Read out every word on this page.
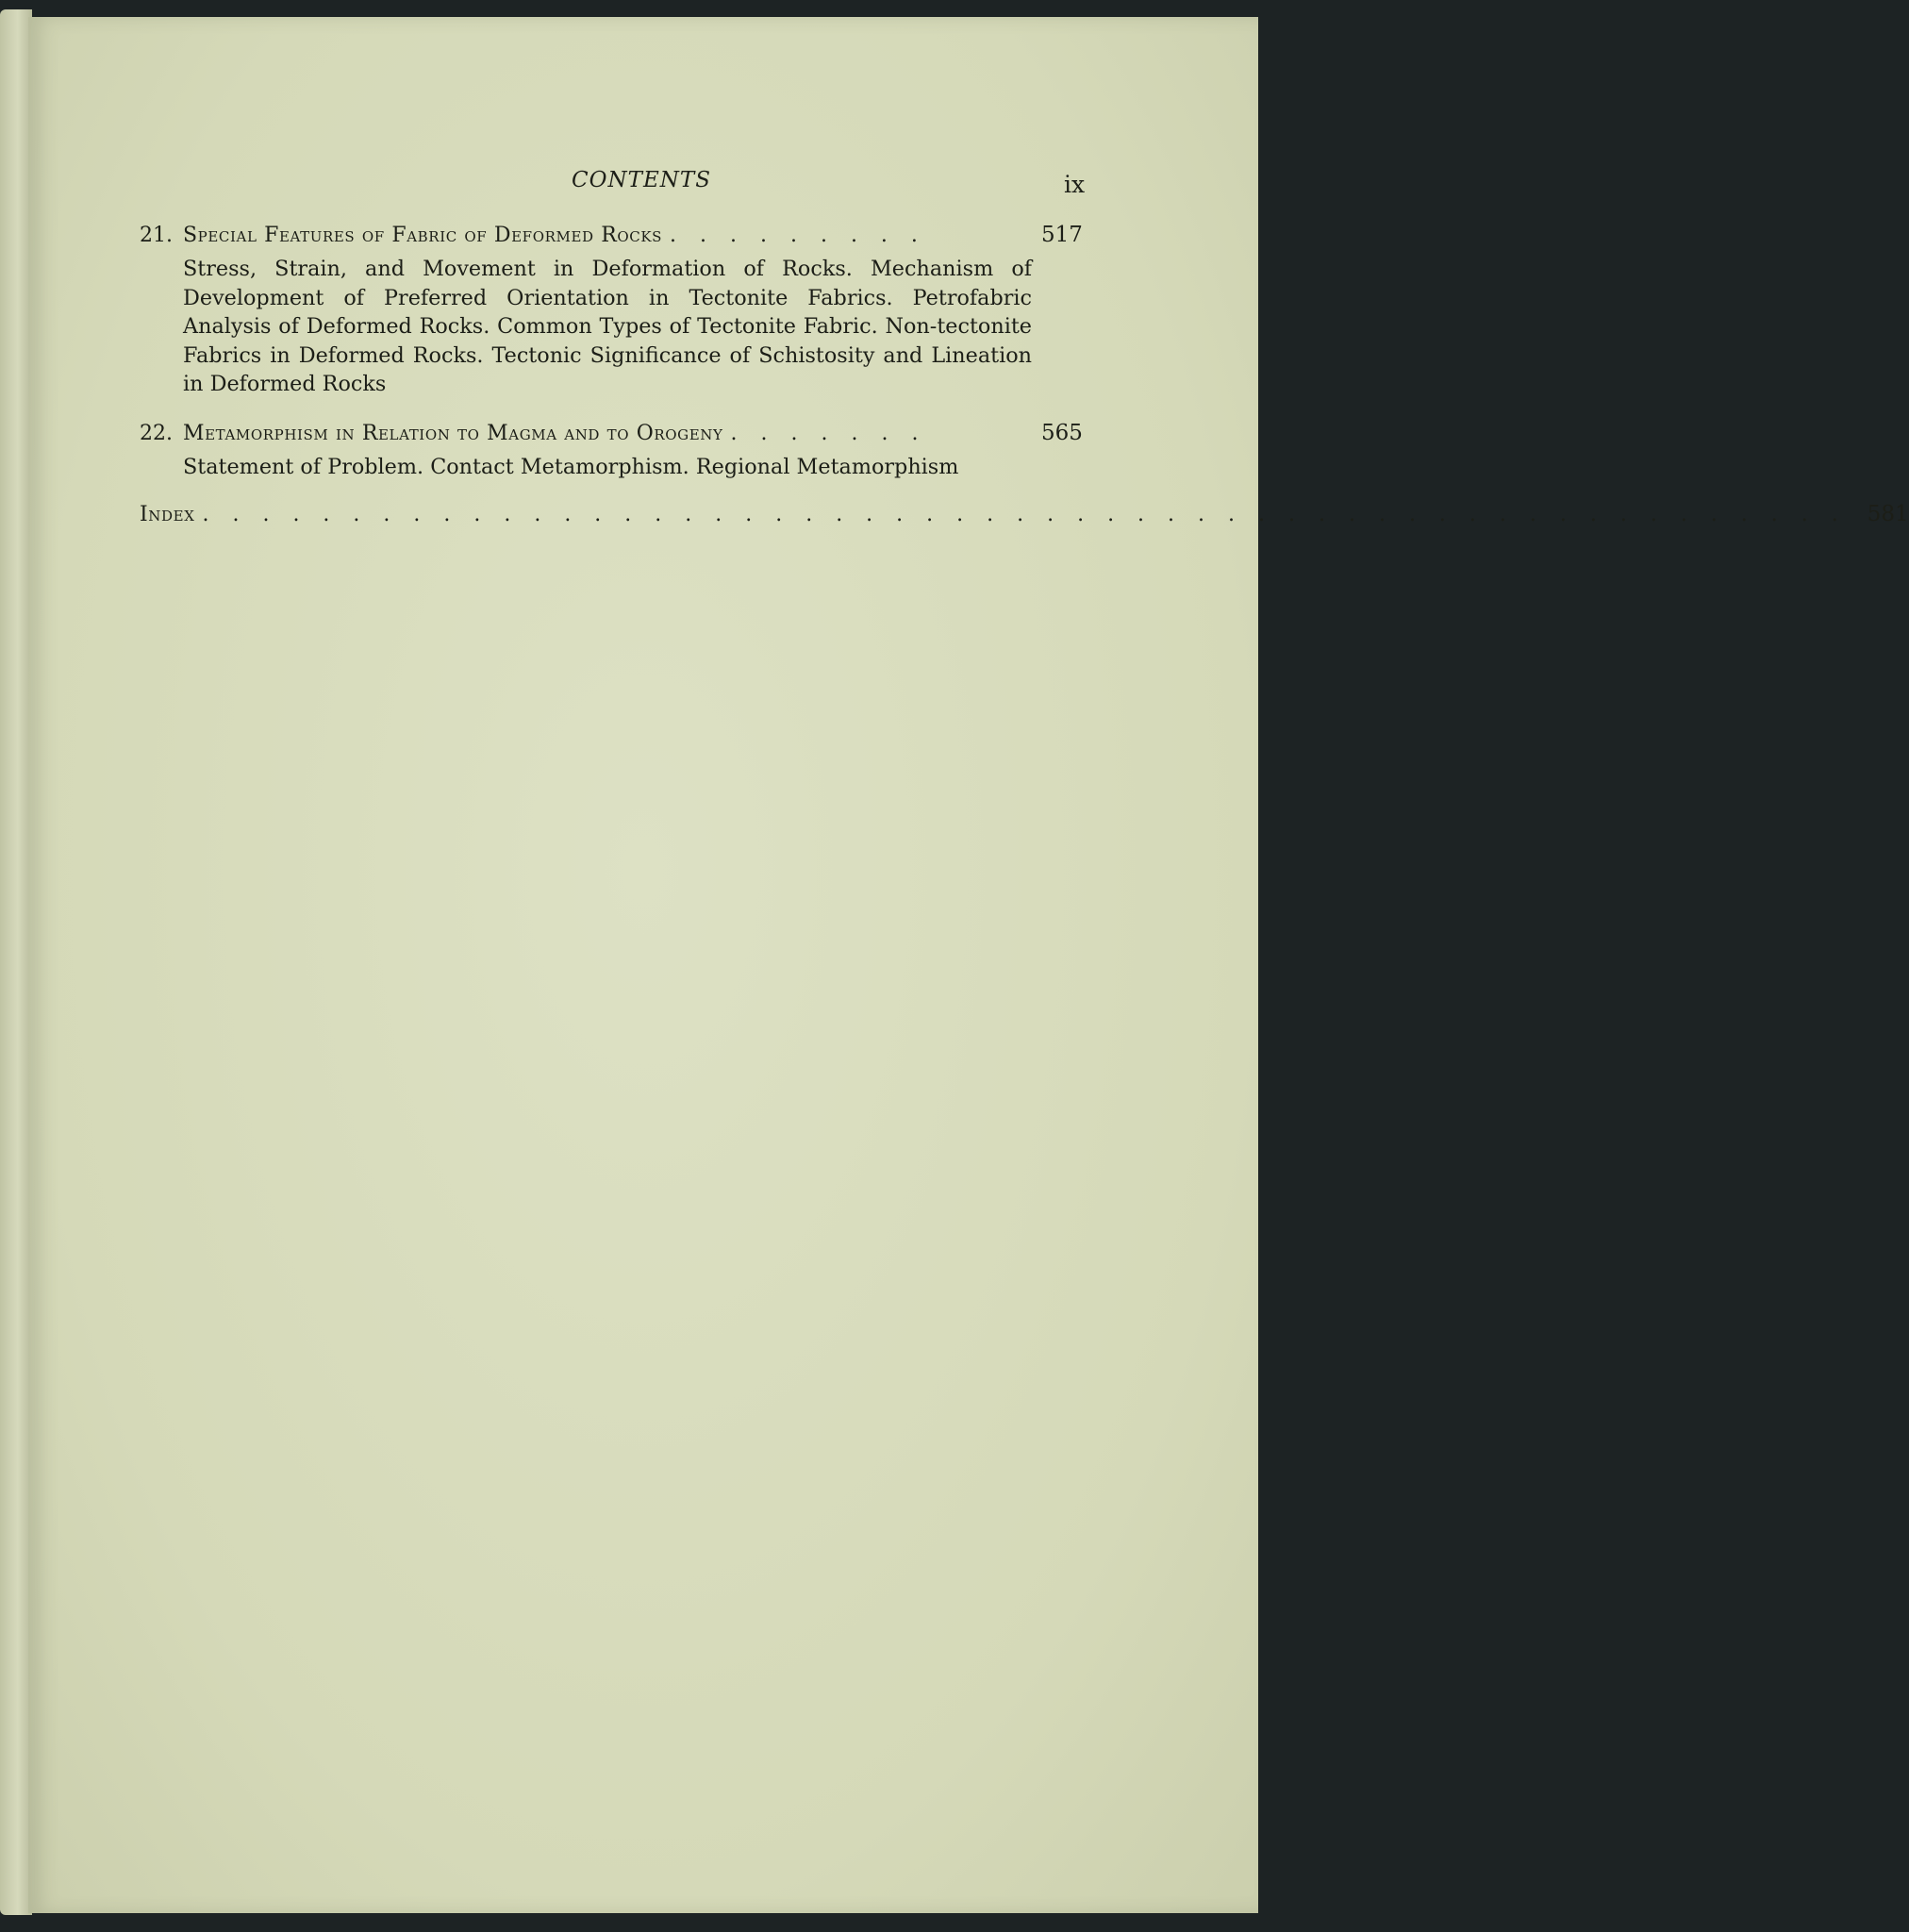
CONTENTS	ix
21. Special Features of Fabric of Deformed Rocks . . . . . . . . .	517
Stress, Strain, and Movement in Deformation of Rocks. Mechanism of Development of Preferred Orientation in Tectonite Fabrics. Petrofabric Analysis of Deformed Rocks. Common Types of Tectonite Fabric. Non-tectonite Fabrics in Deformed Rocks. Tectonic Significance of Schistosity and Lineation in Deformed Rocks
22. Metamorphism in Relation to Magma and to Orogeny . . . . . . .	565
Statement of Problem. Contact Metamorphism. Regional Metamorphism
Index . . . . . . . . . . . . . . . . . . . . . . . . . . . . . . . . . . . . . . . . . . . . . . . . . . . . . . . 581
